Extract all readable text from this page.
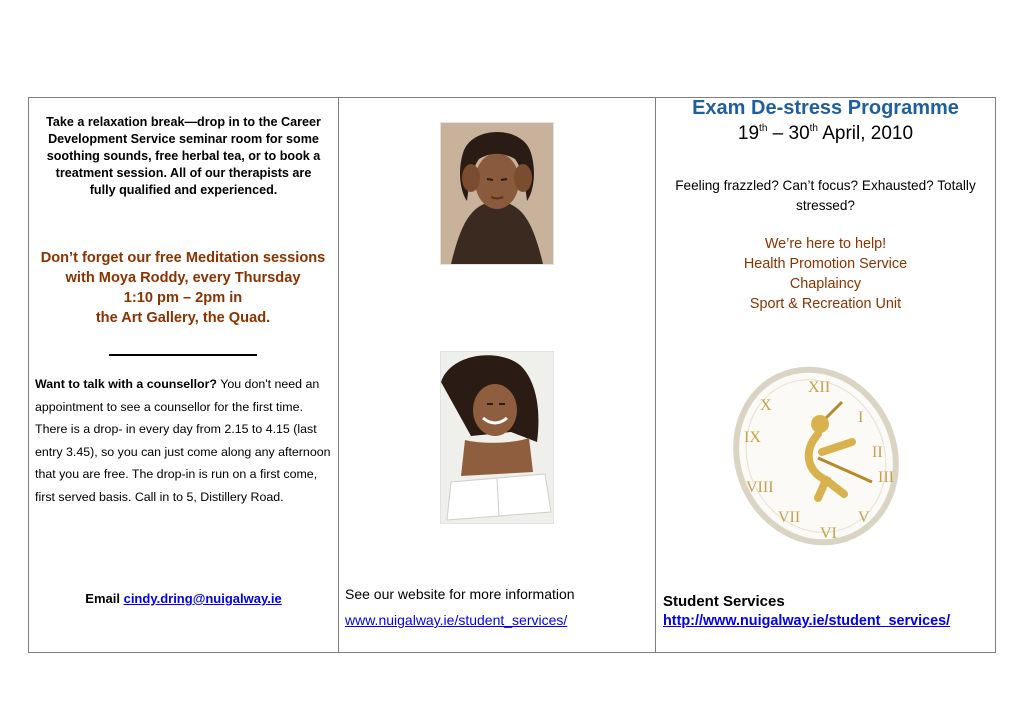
Take a relaxation break—drop in to the Career Development Service seminar room for some soothing sounds, free herbal tea, or to book a treatment session. All of our therapists are fully qualified and experienced.
Don’t forget our free Meditation sessions with Moya Roddy, every Thursday
1:10 pm – 2pm in
the Art Gallery, the Quad.
Want to talk with a counsellor? You don't need an appointment to see a counsellor for the first time. There is a drop- in every day from 2.15 to 4.15 (last entry 3.45), so you can just come along any afternoon that you are free. The drop-in is run on a first come, first served basis. Call in to 5, Distillery Road.
Email cindy.dring@nuigalway.ie	See our website for more information
www.nuigalway.ie/student_services/
Exam De-stress Programme
19th – 30th April, 2010
Feeling frazzled? Can’t focus? Exhausted? Totally stressed?
We’re here to help!
Health Promotion Service
Chaplaincy
Sport & Recreation Unit
XII
I
II
III
V
VI
VII
VIII
IX
X
Student Services
http://www.nuigalway.ie/student_services/
